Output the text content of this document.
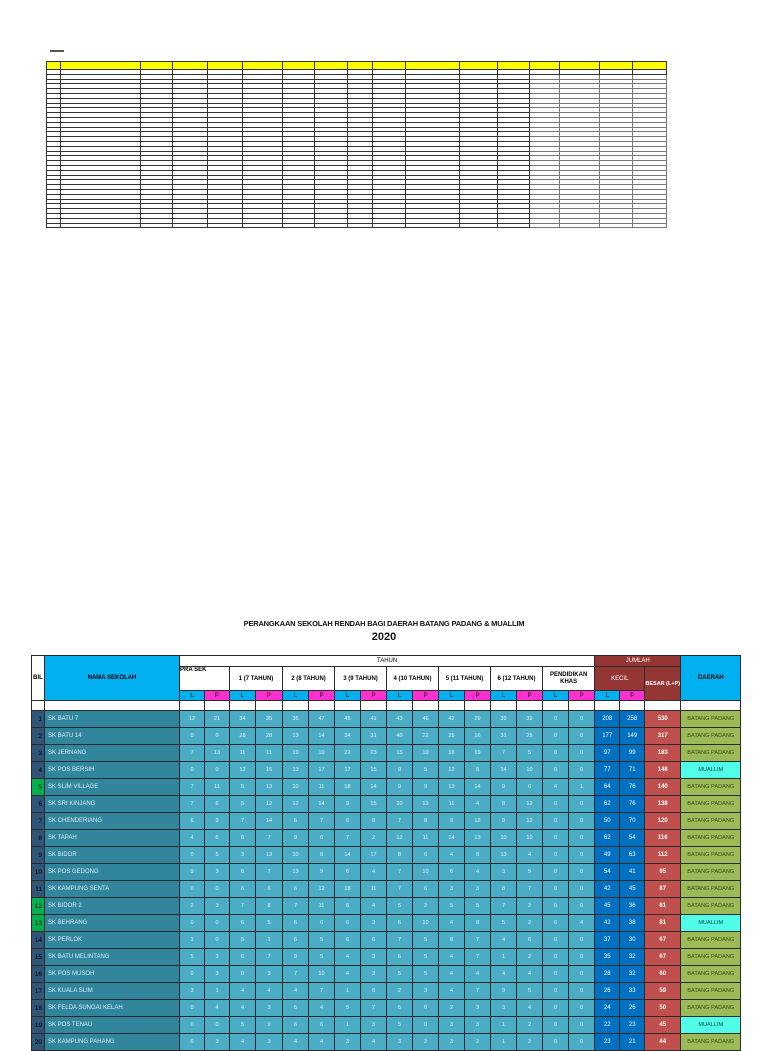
PERANGKAAN SEKOLAH RENDAH BAGI DAERAH BATANG PADANG & MUALLIM
2020
BIL	NAMA SEKOLAH	TAHUN																JUMLAH			DAERAH
		PRA SEK		1 (7 TAHUN)		2 (8 TAHUN)		3 (9 TAHUN)		4 (10 TAHUN)		5 (11 TAHUN)		6 (12 TAHUN)		PENDIDIKAN KHAS		KECIL		BESAR (L+P)	
		L	P	L	P	L	P	L	P	L	P	L	P	L	P	L	P	L	P		

1	SK BATU 7	12	21	34	35	36	47	45	41	43	46	42	29	39	39	0	0	208	258	530	BATANG PADANG
2	SK BATU 14	0	0	28	28	13	14	34	31	40	22	25	16	31	25	0	0	177	149	317	BATANG PADANG
3	SK JERNANG	7	13	11	11	19	10	22	23	15	10	16	19	7	5	0	0	97	99	183	BATANG PADANG
4	SK POS BERSIH	0	0	12	16	13	17	17	15	9	5	12	8	14	10	0	0	77	71	148	MUALLIM
5	SK SLIM VILLAGE	7	11	5	13	10	11	18	14	9	9	13	14	9	6	4	1	64	76	140	BATANG PADANG
6	SK SRI KINJANG	7	6	5	12	12	14	9	15	10	13	11	4	8	12	0	0	62	76	138	BATANG PADANG
7	SK CHENDERIANG	6	9	7	14	6	7	6	8	7	8	9	12	9	12	0	0	50	70	120	BATANG PADANG
8	SK TAPAH	4	6	6	7	9	6	7	2	12	11	14	13	10	10	0	0	62	54	116	BATANG PADANG
9	SK BIDOR	0	5	3	13	10	8	14	17	8	6	4	8	13	4	0	0	49	63	112	BATANG PADANG
10	SK POS GEDONG	9	3	6	7	13	9	6	4	7	10	6	4	3	5	0	0	54	41	95	BATANG PADANG
11	SK KAMPUNG SENTA	0	0	6	6	6	12	18	11	7	6	3	3	8	7	0	0	42	45	87	BATANG PADANG
12	SK BIDOR 2	2	3	7	8	7	11	8	4	5	2	5	5	7	2	0	0	45	36	81	BATANG PADANG
13	SK BEHRANG	0	0	6	5	6	6	6	3	6	10	4	8	5	2	6	4	42	38	81	MUALLIM
14	SK PERLOK	1	0	5	1	6	5	6	6	7	5	8	7	4	6	0	0	37	30	67	BATANG PADANG
15	SK BATU MELINTANG	5	3	6	7	9	5	4	3	6	5	4	7	1	2	0	0	35	32	67	BATANG PADANG
16	SK POS MUSOH	0	3	0	3	7	10	4	3	5	5	4	4	4	4	0	0	28	32	60	BATANG PADANG
17	SK KUALA SLIM	3	1	4	4	4	7	1	6	2	3	4	7	9	5	0	0	26	33	59	BATANG PADANG
18	SK FELDA SUNGAI KELAH	0	4	4	3	5	4	5	7	5	6	2	3	3	4	0	0	24	26	50	BATANG PADANG
19	SK POS TENAU	0	0	5	9	6	6	1	3	5	0	3	3	1	2	0	0	22	23	45	MUALLIM
20	SK KAMPUNG PAHANG	6	3	4	3	4	4	3	4	3	2	3	2	1	2	0	0	23	21	44	BATANG PADANG
